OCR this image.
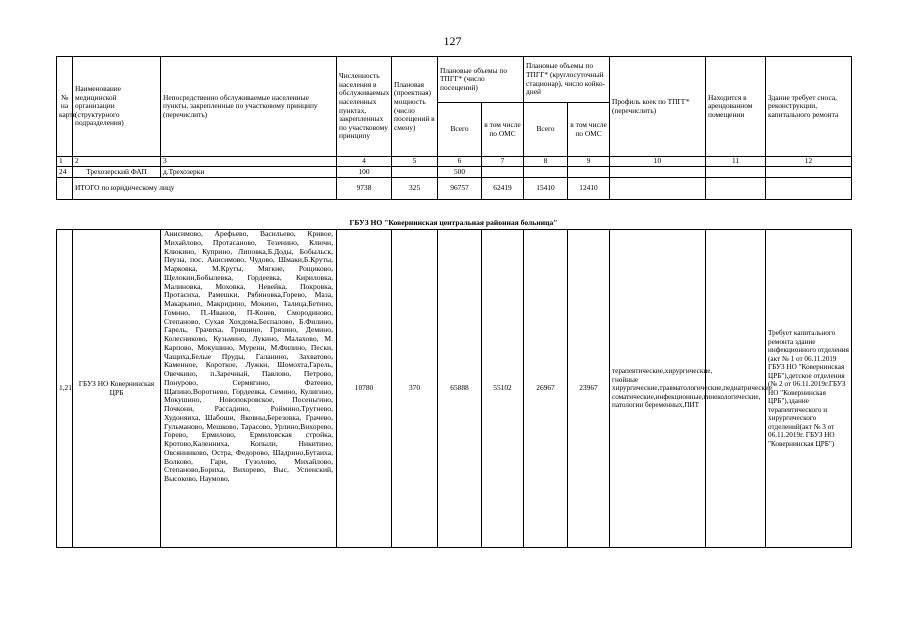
127
№ на карте	Наименование медицинской организации (структурного подразделения)	Непосредственно обслуживаемые населенные пункты, закрепленные по участковому принципу (перечислить)	Численность населения в обслуживаемых населенных пунктах, закрепленных по участковому принципу	Плановая (проектная) мощность (число посещений в смену)	Плановые объемы по ТПГГ* (число посещений)		Плановые объемы по ТПГГ* (круглосуточный стационар), число койко-дней		Профиль коек по ТПГГ* (перечислить)	Находится в арендованном помещении	Здание требует сноса, реконструкции, капитального ремонта
					Всего	в том числе по ОМС	Всего	в том числе по ОМС			
1	2	3	4	5	6	7	8	9	10	11	12
24	Трехозерский ФАП	д.Трехозерки	100		500						
	ИТОГО по юридическому лицу		9738	325	96757	62419	15410	12410			
ГБУЗ НО "Ковернинская центральная районная больница"
1,21	ГБУЗ НО Ковернинская ЦРБ	Анисимово, Арефьево, Васильево, Кривое, Михайлово, Протасаново, Тезенино, Ключи, Клюкино, Куприно, Липовка,Б.Доды, Бобыльск, Пеузы, пос. Анисимово, Чудово, Шмаки,Б.Круты, Марковка, М.Круты, Мягкие, Рощиково, Щелокин,Бобылевка, Гордеевка, Кириловка, Малиновка, Моховка, Невейка, Покровка, Протасиха, Рамешки, Рябиновка,Горево, Маза, Макарьино, Макридино, Мокино, Талица,Бетино, Гомино, П.-Иванов, П-Конев, Смородиново, Степаново, Сухая Хохдома,Беспалово, Б.Филино, Гарель, Грачиха, Гришино, Грязино, Демино, Колесниково, Кузьмино, Лукино, Малахово, М. Карпово, Мокушино, Мурени, М.Филино, Пески, Чащиха,Белые Пруды, Галанино, Захватово, Каменное, Короткое, Лужки, Шомохта,Гарель, Овечкино, п.Заречный, Павлово, Петрово, Понурово, Сермягино, Фатеево, Щапино,Воротнево, Гордеевка, Семино, Кулигино, Мокушино, Новопокровское, Посеньгино, Почкони, Рассадино, Роймино,Трутнево, Худоняиха, Шабоши, Яковны,Березовка, Грачево, Гульманово, Мешково, Тарасово, Урлино,Вихорево, Горево, Ермилово, Ермиловская стройка, Кротово,Каленниха, Копыли, Никитино, Овсянниково, Остра, Федорово, Шадрино,Бутаиха, Волково, Гари, Гузолово, Михайлово, Степаново,Бориха, Вихорево, Выс, Успенский, Высоково, Наумово,	10780	370	65888	55102	26967	23967	терапевтические,хирургические, гнойные хирургические,травматологические,педиатрические соматические,инфекционные,гинекологические, патологии беременных,ПИТ		Требует капитального ремонта здание инфекционного отделения (акт № 1 от 06.11.2019 ГБУЗ НО "Ковернинская ЦРБ"),детское отделения (№ 2 от 06.11.2019г.ГБУЗ НО "Ковернинская ЦРБ"),здание терапевтического и хирургического отделений(акт № 3 от 06.11.2019г. ГБУЗ НО "Ковернинская ЦРБ")
